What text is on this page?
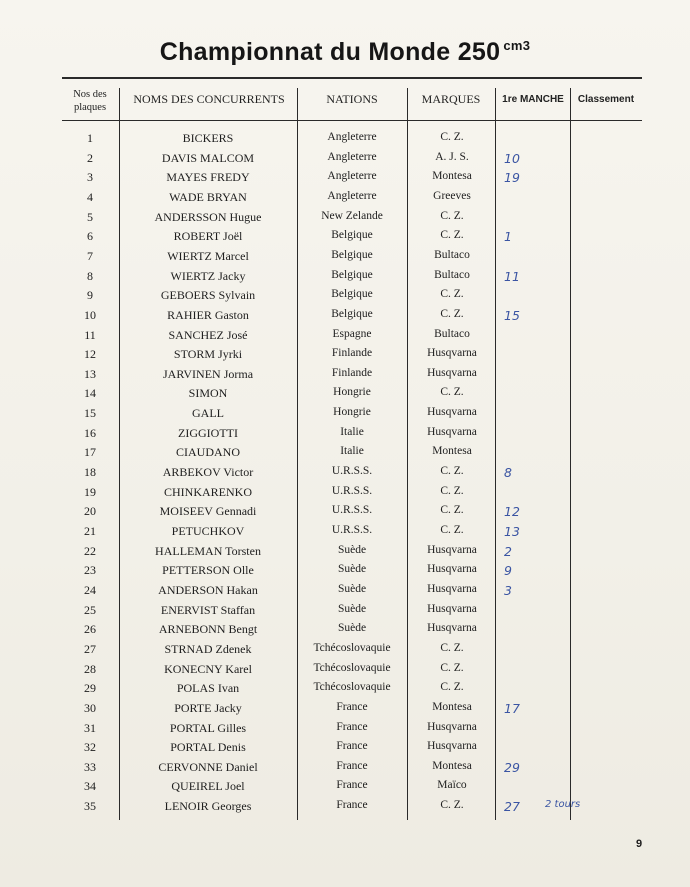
Championnat du Monde 250 $^{cm3}$
Nos des
plaques
NOMS DES CONCURRENTS	NATIONS	MARQUES	1re MANCHE	Classement
1	BICKERS	Angleterre	C. Z.
2	DAVIS MALCOM	Angleterre	A. J. S.	10
3	MAYES FREDY	Angleterre	Montesa	19
4	WADE BRYAN	Angleterre	Greeves
5	ANDERSSON Hugue	New Zelande	C. Z.
6	ROBERT Joël	Belgique	C. Z.	1
7	WIERTZ Marcel	Belgique	Bultaco
8	WIERTZ Jacky	Belgique	Bultaco	11
9	GEBOERS Sylvain	Belgique	C. Z.
10	RAHIER Gaston	Belgique	C. Z.	15
11	SANCHEZ José	Espagne	Bultaco
12	STORM Jyrki	Finlande	Husqvarna
13	JARVINEN Jorma	Finlande	Husqvarna
14	SIMON	Hongrie	C. Z.
15	GALL	Hongrie	Husqvarna
16	ZIGGIOTTI	Italie	Husqvarna
17	CIAUDANO	Italie	Montesa
18	ARBEKOV Victor	U.R.S.S.	C. Z.	8
19	CHINKARENKO	U.R.S.S.	C. Z.
20	MOISEEV Gennadi	U.R.S.S.	C. Z.	12
21	PETUCHKOV	U.R.S.S.	C. Z.	13
22	HALLEMAN Torsten	Suède	Husqvarna	2
23	PETTERSON Olle	Suède	Husqvarna	9
24	ANDERSON Hakan	Suède	Husqvarna	3
25	ENERVIST Staffan	Suède	Husqvarna
26	ARNEBONN Bengt	Suède	Husqvarna
27	STRNAD Zdenek	Tchécoslovaquie	C. Z.
28	KONECNY Karel	Tchécoslovaquie	C. Z.
29	POLAS Ivan	Tchécoslovaquie	C. Z.
30	PORTE Jacky	France	Montesa	17
31	PORTAL Gilles	France	Husqvarna
32	PORTAL Denis	France	Husqvarna
33	CERVONNE Daniel	France	Montesa	29
34	QUEIREL Joel	France	Maïco
35	LENOIR Georges	France	C. Z.	27	2 tours
9
